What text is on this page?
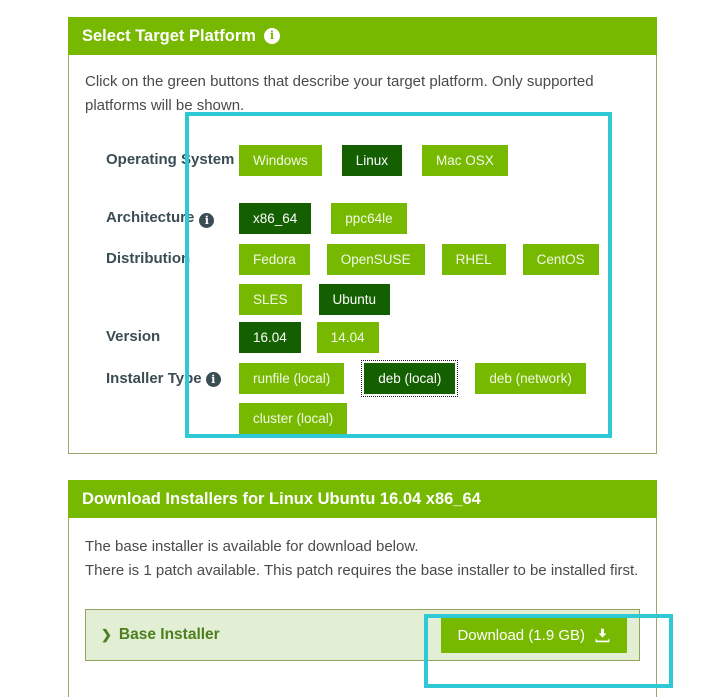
Select Target Platform	i

Click on the green buttons that describe your target platform. Only supported platforms will be shown.

Operating System	Windows	Linux	Mac OSX
Architecture i	x86_64	ppc64le
Distribution	Fedora	OpenSUSE	RHEL	CentOS
SLES	Ubuntu
Version	16.04	14.04
Installer Type i	runfile (local)	deb (local)	deb (network)
cluster (local)
Download Installers for Linux Ubuntu 16.04 x86_64

The base installer is available for download below.

There is 1 patch available. This patch requires the base installer to be installed first.

❯ Base Installer	Download (1.9 GB)
